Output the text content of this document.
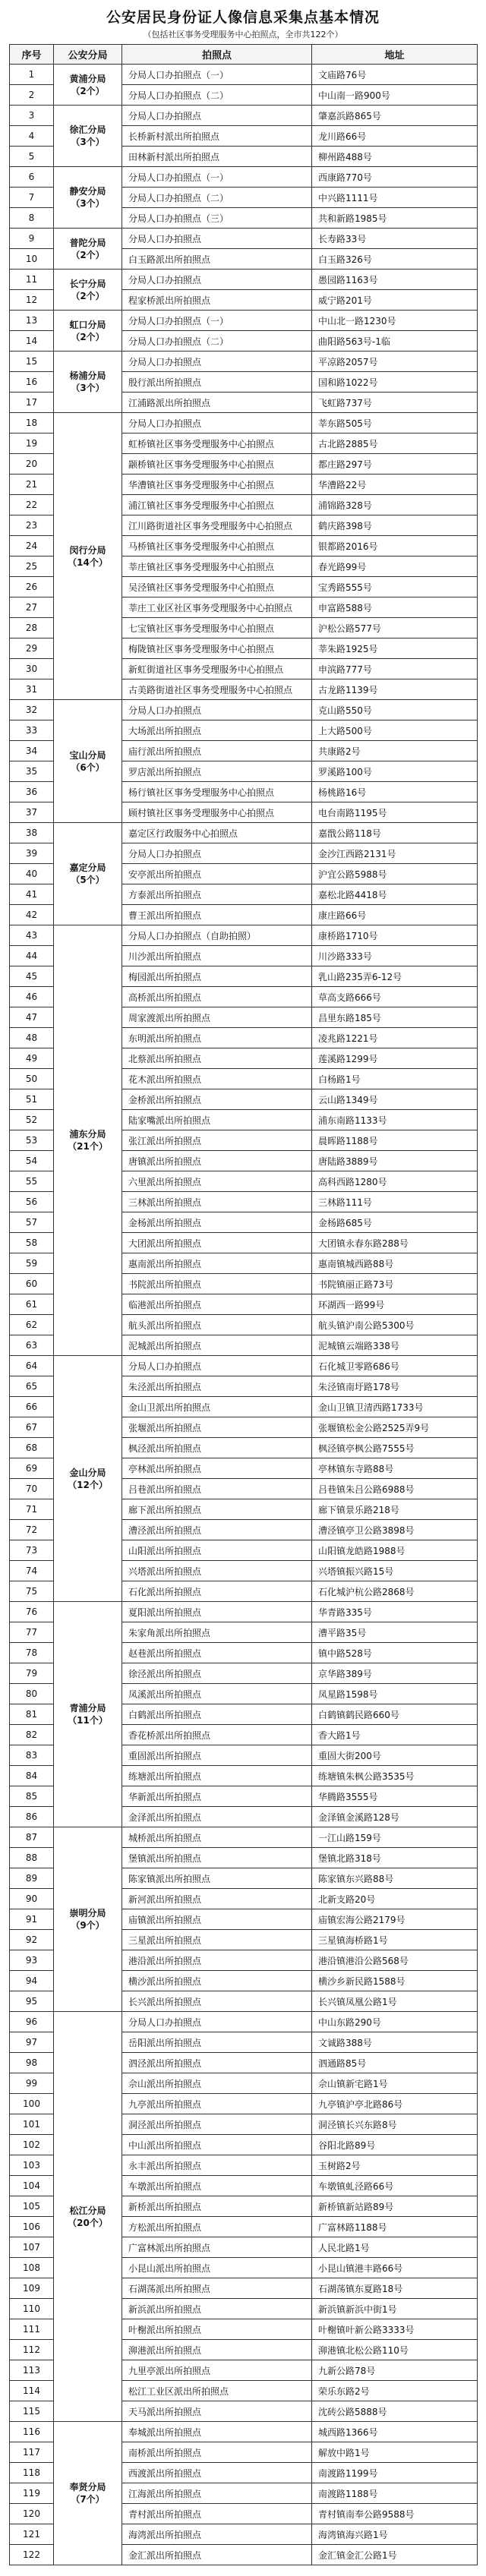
公安居民身份证人像信息采集点基本情况
（包括社区事务受理服务中心拍照点，全市共122个）
序号	公安分局	拍照点	地址
黄浦分局
（2个）
1	分局人口办拍照点（一）	文庙路76号
2	分局人口办拍照点（二）	中山南一路900号
徐汇分局
（3个）
3	分局人口办拍照点	肇嘉浜路865号
4	长桥新村派出所拍照点	龙川路66号
5	田林新村派出所拍照点	柳州路488号
静安分局
（3个）
6	分局人口办拍照点（一）	西康路770号
7	分局人口办拍照点（二）	中兴路1111号
8	分局人口办拍照点（三）	共和新路1985号
普陀分局
（2个）
9	分局人口办拍照点	长寿路33号
10	白玉路派出所拍照点	白玉路326号
长宁分局
（2个）
11	分局人口办拍照点	愚园路1163号
12	程家桥派出所拍照点	威宁路201号
虹口分局
（2个）
13	分局人口办拍照点（一）	中山北一路1230号
14	分局人口办拍照点（二）	曲阳路563号-1临
杨浦分局
（3个）
15	分局人口办拍照点	平凉路2057号
16	殷行派出所拍照点	国和路1022号
17	江浦路派出所拍照点	飞虹路737号
闵行分局
（14个）
18	分局人口办拍照点	莘东路505号
19	虹桥镇社区事务受理服务中心拍照点	古北路2885号
20	颛桥镇社区事务受理服务中心拍照点	都庄路297号
21	华漕镇社区事务受理服务中心拍照点	华漕路22号
22	浦江镇社区事务受理服务中心拍照点	浦锦路328号
23	江川路街道社区事务受理服务中心拍照点	鹤庆路398号
24	马桥镇社区事务受理服务中心拍照点	银都路2016号
25	莘庄镇社区事务受理服务中心拍照点	春光路99号
26	吴泾镇社区事务受理服务中心拍照点	宝秀路555号
27	莘庄工业区社区事务受理服务中心拍照点	申富路588号
28	七宝镇社区事务受理服务中心拍照点	沪松公路577号
29	梅陇镇社区事务受理服务中心拍照点	莘朱路1925号
30	新虹街道社区事务受理服务中心拍照点	申滨路777号
31	古美路街道社区事务受理服务中心拍照点	古龙路1139号
宝山分局
（6个）
32	分局人口办拍照点	克山路550号
33	大场派出所拍照点	上大路500号
34	庙行派出所拍照点	共康路2号
35	罗店派出所拍照点	罗溪路100号
36	杨行镇社区事务受理服务中心拍照点	杨桃路16号
37	顾村镇社区事务受理服务中心拍照点	电台南路1195号
嘉定分局
（5个）
38	嘉定区行政服务中心拍照点	嘉戬公路118号
39	分局人口办拍照点	金沙江西路2131号
40	安亭派出所拍照点	沪宜公路5988号
41	方泰派出所拍照点	嘉松北路4418号
42	曹王派出所拍照点	康庄路66号
浦东分局
（21个）
43	分局人口办拍照点（自助拍照）	康桥路1710号
44	川沙派出所拍照点	川沙路333号
45	梅园派出所拍照点	乳山路235弄6-12号
46	高桥派出所拍照点	草高支路666号
47	周家渡派出所拍照点	昌里东路185号
48	东明派出所拍照点	凌兆路1221号
49	北蔡派出所拍照点	莲溪路1299号
50	花木派出所拍照点	白杨路1号
51	金桥派出所拍照点	云山路1349号
52	陆家嘴派出所拍照点	浦东南路1133号
53	张江派出所拍照点	晨晖路1188号
54	唐镇派出所拍照点	唐陆路3889号
55	六里派出所拍照点	高科西路1280号
56	三林派出所拍照点	三林路111号
57	金杨派出所拍照点	金杨路685号
58	大团派出所拍照点	大团镇永春东路288号
59	惠南派出所拍照点	惠南镇城西路88号
60	书院派出所拍照点	书院镇丽正路73号
61	临港派出所拍照点	环湖西一路99号
62	航头派出所拍照点	航头镇沪南公路5300号
63	泥城派出所拍照点	泥城镇云端路338号
金山分局
（12个）
64	分局人口办拍照点	石化城卫零路686号
65	朱泾派出所拍照点	朱泾镇南圩路178号
66	金山卫派出所拍照点	金山卫镇卫清西路1733号
67	张堰派出所拍照点	张堰镇松金公路2525弄9号
68	枫泾派出所拍照点	枫泾镇亭枫公路7555号
69	亭林派出所拍照点	亭林镇东寺路88号
70	吕巷派出所拍照点	吕巷镇朱吕公路6988号
71	廊下派出所拍照点	廊下镇景乐路218号
72	漕泾派出所拍照点	漕泾镇亭卫公路3898号
73	山阳派出所拍照点	山阳镇龙皓路1988号
74	兴塔派出所拍照点	兴塔镇振兴路15号
75	石化派出所拍照点	石化城沪杭公路2868号
青浦分局
（11个）
76	夏阳派出所拍照点	华青路335号
77	朱家角派出所拍照点	漕平路35号
78	赵巷派出所拍照点	镇中路528号
79	徐泾派出所拍照点	京华路389号
80	凤溪派出所拍照点	凤星路1598号
81	白鹤派出所拍照点	白鹤镇鹤民路660号
82	香花桥派出所拍照点	香大路1号
83	重固派出所拍照点	重固大街200号
84	练塘派出所拍照点	练塘镇朱枫公路3535号
85	华新派出所拍照点	华腾路3555号
86	金泽派出所拍照点	金泽镇金溪路128号
崇明分局
（9个）
87	城桥派出所拍照点	一江山路159号
88	堡镇派出所拍照点	堡镇北路318号
89	陈家镇派出所拍照点	陈家镇东兴路88号
90	新河派出所拍照点	北新支路20号
91	庙镇派出所拍照点	庙镇宏海公路2179号
92	三星派出所拍照点	三星镇海桥路1号
93	港沿派出所拍照点	港沿镇港沿公路568号
94	横沙派出所拍照点	横沙乡新民路1588号
95	长兴派出所拍照点	长兴镇凤凰公路1号
松江分局
（20个）
96	分局人口办拍照点	中山东路290号
97	岳阳派出所拍照点	文诚路388号
98	泗泾派出所拍照点	泗通路85号
99	佘山派出所拍照点	佘山镇新宅路1号
100	九亭派出所拍照点	九亭镇沪亭北路86号
101	洞泾派出所拍照点	洞泾镇长兴东路8号
102	中山派出所拍照点	谷阳北路89号
103	永丰派出所拍照点	玉树路2号
104	车墩派出所拍照点	车墩镇虬泾路66号
105	新桥派出所拍照点	新桥镇新站路89号
106	方松派出所拍照点	广富林路1188号
107	广富林派出所拍照点	人民北路1号
108	小昆山派出所拍照点	小昆山镇港丰路66号
109	石湖荡派出所拍照点	石湖荡镇东夏路18号
110	新浜派出所拍照点	新浜镇新浜中街1号
111	叶榭派出所拍照点	叶榭镇叶新公路3333号
112	泖港派出所拍照点	泖港镇北松公路110号
113	九里亭派出所拍照点	九新公路78号
114	松江工业区派出所拍照点	荣乐东路2号
115	天马派出所拍照点	沈砖公路5888号
奉贤分局
（7个）
116	奉城派出所拍照点	城西路1366号
117	南桥派出所拍照点	解放中路1号
118	西渡派出所拍照点	南渡路1199号
119	江海派出所拍照点	南渡路1188号
120	青村派出所拍照点	青村镇南奉公路9588号
121	海湾派出所拍照点	海湾镇海兴路1号
122	金汇派出所拍照点	金汇镇金汇公路1号
